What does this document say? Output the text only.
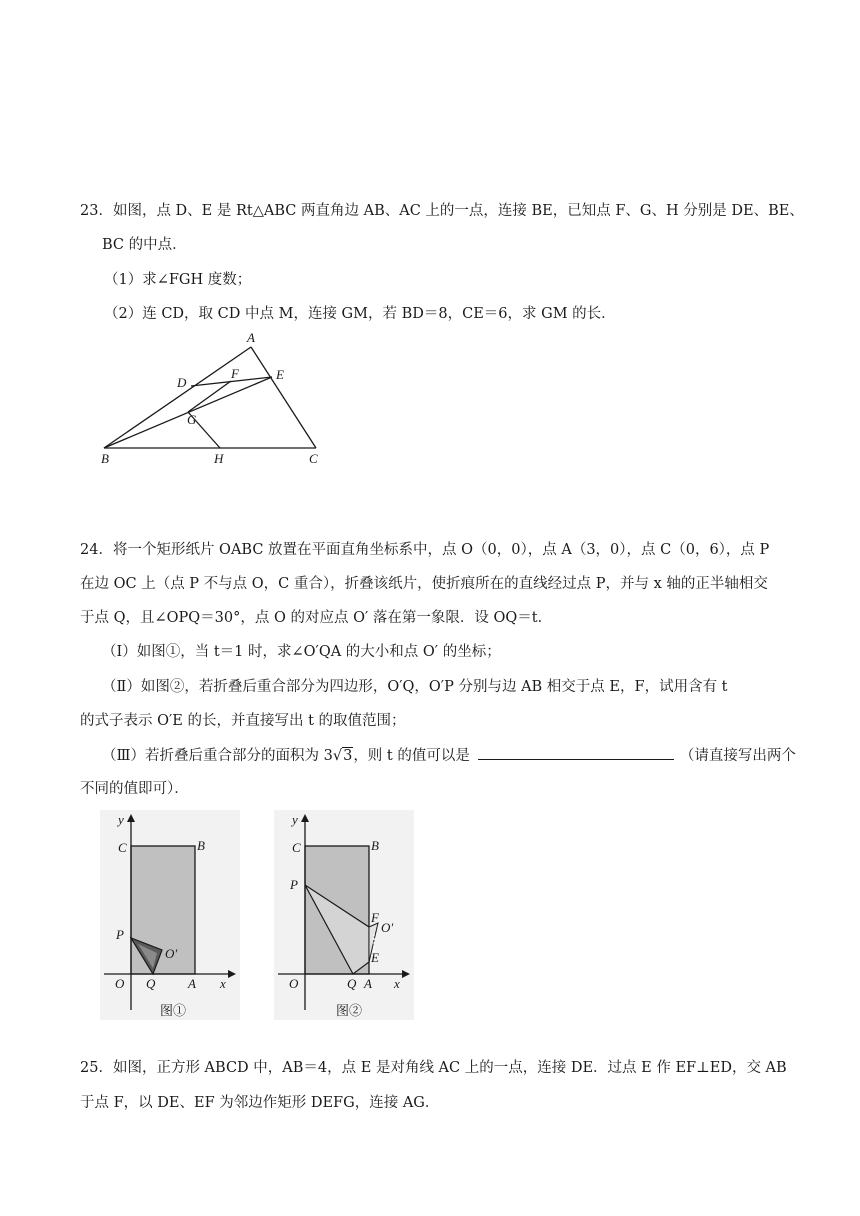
23．如图，点 D、E 是 Rt△ABC 两直角边 AB、AC 上的一点，连接 BE，已知点 F、G、H 分别是 DE、BE、
BC 的中点．
（1）求∠FGH 度数；
（2）连 CD，取 CD 中点 M，连接 GM，若 BD＝8，CE＝6，求 GM 的长．
A
D
F	E
G
B	H	C
24．将一个矩形纸片 OABC 放置在平面直角坐标系中，点 O（0，0），点 A（3，0），点 C（0，6），点 P
在边 OC 上（点 P 不与点 O，C 重合），折叠该纸片，使折痕所在的直线经过点 P，并与 x 轴的正半轴相交
于点 Q，且∠OPQ＝30°，点 O 的对应点 O′ 落在第一象限．设 OQ＝t．
（Ⅰ）如图①，当 t＝1 时，求∠O′QA 的大小和点 O′ 的坐标；
（Ⅱ）如图②，若折叠后重合部分为四边形，O′Q，O′P 分别与边 AB 相交于点 E，F，试用含有 t
的式子表示 O′E 的长，并直接写出 t 的取值范围；
（Ⅲ）若折叠后重合部分的面积为 3√3，则 t 的值可以是	（请直接写出两个
不同的值即可）．
y
C	B
P
O′
O Q	A x
图①
y
C	B
P
F
O′
E
O	Q A x
图②
25．如图，正方形 ABCD 中，AB＝4，点 E 是对角线 AC 上的一点，连接 DE．过点 E 作 EF⊥ED，交 AB
于点 F，以 DE、EF 为邻边作矩形 DEFG，连接 AG．
